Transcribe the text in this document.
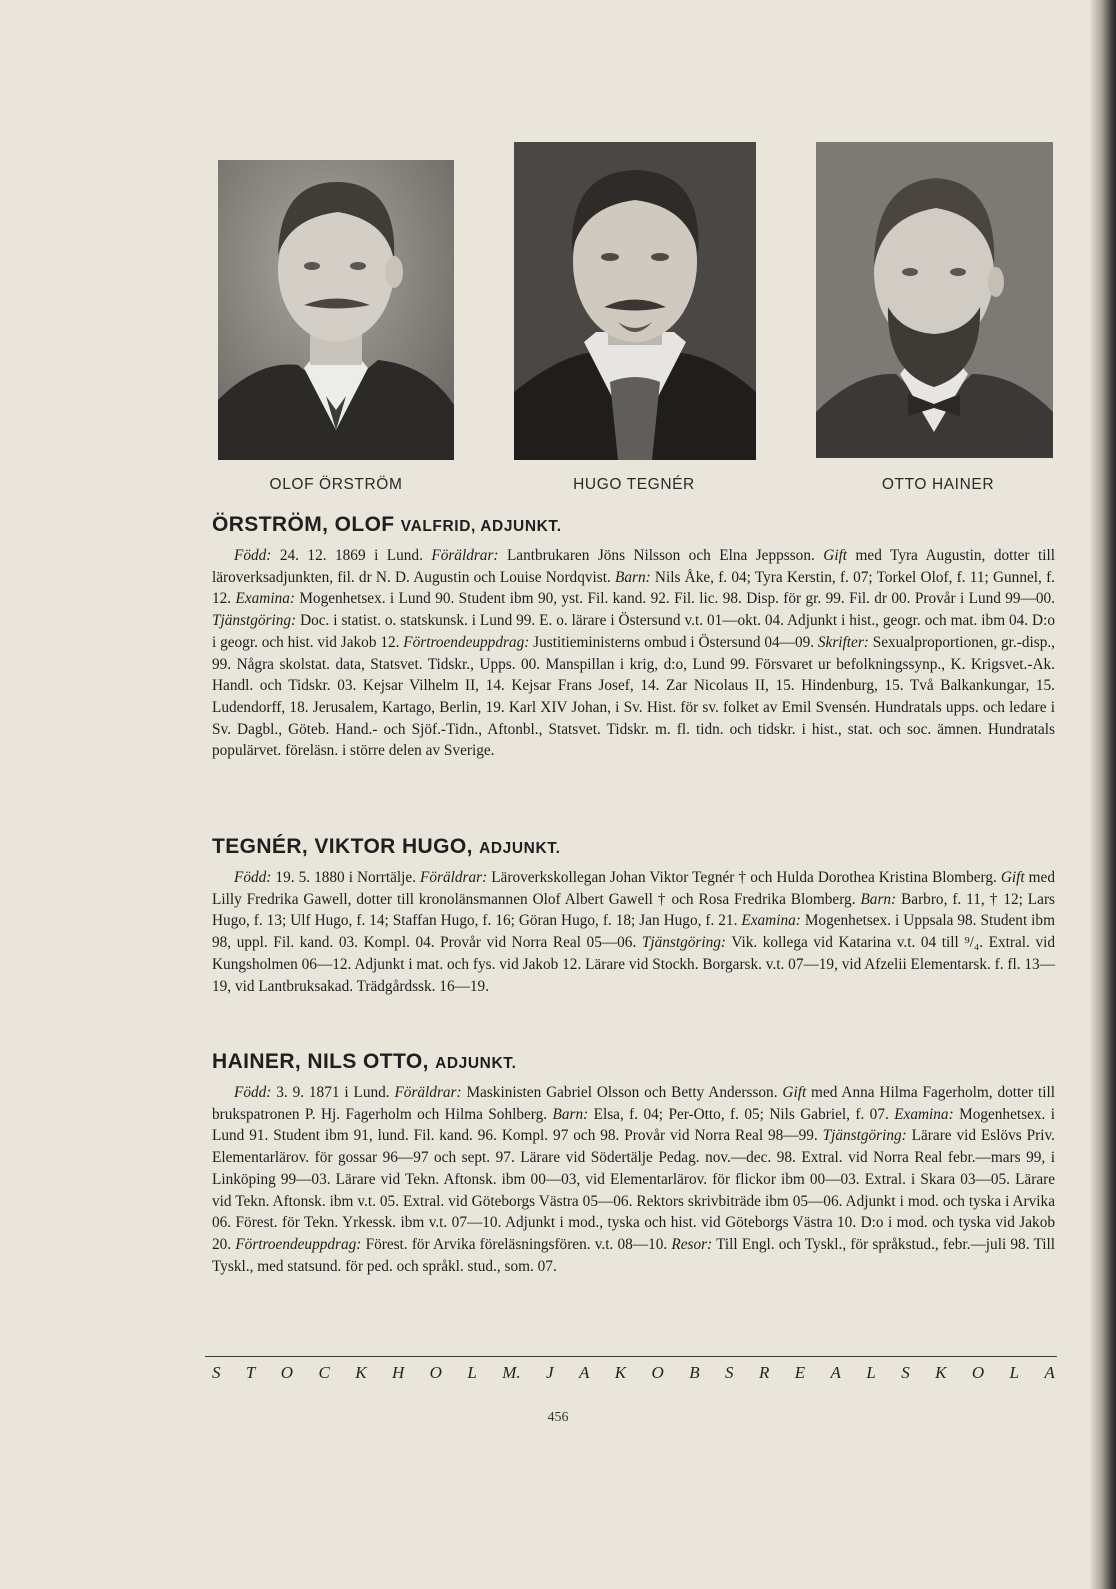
OLOF ÖRSTRÖM	HUGO TEGNÉR	OTTO HAINER
ÖRSTRÖM, OLOF VALFRID, ADJUNKT.

Född: 24. 12. 1869 i Lund. Föräldrar: Lantbrukaren Jöns Nilsson och Elna Jeppsson. Gift med Tyra Augustin, dotter till läroverksadjunkten, fil. dr N. D. Augustin och Louise Nordqvist. Barn: Nils Åke, f. 04; Tyra Kerstin, f. 07; Torkel Olof, f. 11; Gunnel, f. 12. Examina: Mogenhetsex. i Lund 90. Student ibm 90, yst. Fil. kand. 92. Fil. lic. 98. Disp. för gr. 99. Fil. dr 00. Provår i Lund 99—00. Tjänstgöring: Doc. i statist. o. statskunsk. i Lund 99. E. o. lärare i Östersund v.t. 01—okt. 04. Adjunkt i hist., geogr. och mat. ibm 04. D:o i geogr. och hist. vid Jakob 12. Förtroendeuppdrag: Justitieministerns ombud i Östersund 04—09. Skrifter: Sexualproportionen, gr.-disp., 99. Några skolstat. data, Statsvet. Tidskr., Upps. 00. Manspillan i krig, d:o, Lund 99. Försvaret ur befolkningssynp., K. Krigsvet.-Ak. Handl. och Tidskr. 03. Kejsar Vilhelm II, 14. Kejsar Frans Josef, 14. Zar Nicolaus II, 15. Hindenburg, 15. Två Balkankungar, 15. Ludendorff, 18. Jerusalem, Kartago, Berlin, 19. Karl XIV Johan, i Sv. Hist. för sv. folket av Emil Svensén. Hundratals upps. och ledare i Sv. Dagbl., Göteb. Hand.- och Sjöf.-Tidn., Aftonbl., Statsvet. Tidskr. m. fl. tidn. och tidskr. i hist., stat. och soc. ämnen. Hundratals populärvet. föreläsn. i större delen av Sverige.

TEGNÉR, VIKTOR HUGO, ADJUNKT.

Född: 19. 5. 1880 i Norrtälje. Föräldrar: Läroverkskollegan Johan Viktor Tegnér † och Hulda Dorothea Kristina Blomberg. Gift med Lilly Fredrika Gawell, dotter till kronolänsmannen Olof Albert Gawell † och Rosa Fredrika Blomberg. Barn: Barbro, f. 11, † 12; Lars Hugo, f. 13; Ulf Hugo, f. 14; Staffan Hugo, f. 16; Göran Hugo, f. 18; Jan Hugo, f. 21. Examina: Mogenhetsex. i Uppsala 98. Student ibm 98, uppl. Fil. kand. 03. Kompl. 04. Provår vid Norra Real 05—06. Tjänstgöring: Vik. kollega vid Katarina v.t. 04 till ⁹/₄. Extral. vid Kungsholmen 06—12. Adjunkt i mat. och fys. vid Jakob 12. Lärare vid Stockh. Borgarsk. v.t. 07—19, vid Afzelii Elementarsk. f. fl. 13—19, vid Lantbruksakad. Trädgårdssk. 16—19.

HAINER, NILS OTTO, ADJUNKT.

Född: 3. 9. 1871 i Lund. Föräldrar: Maskinisten Gabriel Olsson och Betty Andersson. Gift med Anna Hilma Fagerholm, dotter till brukspatronen P. Hj. Fagerholm och Hilma Sohlberg. Barn: Elsa, f. 04; Per-Otto, f. 05; Nils Gabriel, f. 07. Examina: Mogenhetsex. i Lund 91. Student ibm 91, lund. Fil. kand. 96. Kompl. 97 och 98. Provår vid Norra Real 98—99. Tjänstgöring: Lärare vid Eslövs Priv. Elementarlärov. för gossar 96—97 och sept. 97. Lärare vid Södertälje Pedag. nov.—dec. 98. Extral. vid Norra Real febr.—mars 99, i Linköping 99—03. Lärare vid Tekn. Aftonsk. ibm 00—03, vid Elementarlärov. för flickor ibm 00—03. Extral. i Skara 03—05. Lärare vid Tekn. Aftonsk. ibm v.t. 05. Extral. vid Göteborgs Västra 05—06. Rektors skrivbiträde ibm 05—06. Adjunkt i mod. och tyska i Arvika 06. Förest. för Tekn. Yrkessk. ibm v.t. 07—10. Adjunkt i mod., tyska och hist. vid Göteborgs Västra 10. D:o i mod. och tyska vid Jakob 20. Förtroendeuppdrag: Förest. för Arvika föreläsningsfören. v.t. 08—10. Resor: Till Engl. och Tyskl., för språkstud., febr.—juli 98. Till Tyskl., med statsund. för ped. och språkl. stud., som. 07.

S T O C K H O L M. J A K O B S R E A L S K O L A
456
